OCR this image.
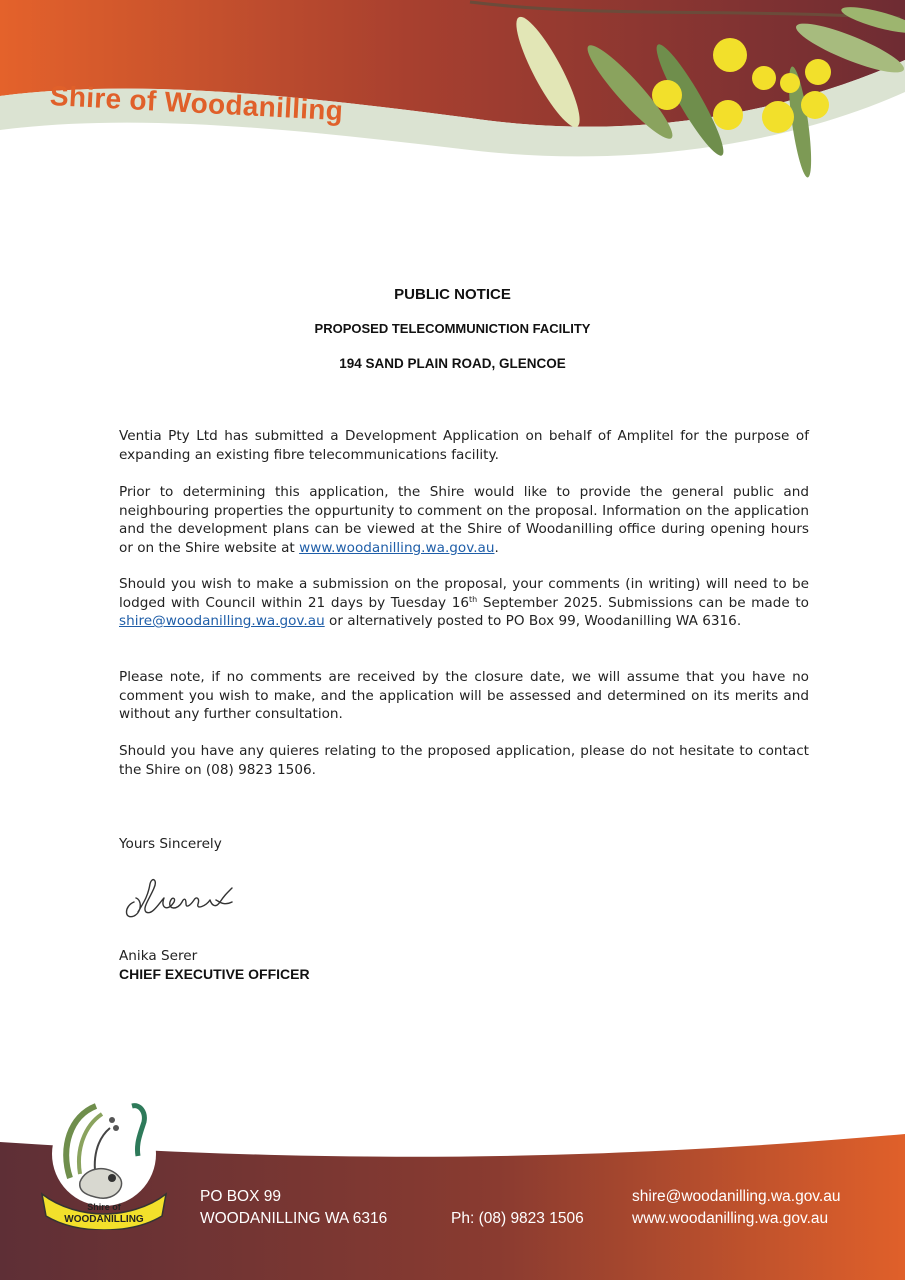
Shire of Woodanilling
PUBLIC NOTICE
PROPOSED TELECOMMUNICTION FACILITY
194 SAND PLAIN ROAD, GLENCOE

Ventia Pty Ltd has submitted a Development Application on behalf of Amplitel for the purpose of expanding an existing fibre telecommunications facility.

Prior to determining this application, the Shire would like to provide the general public and neighbouring properties the oppurtunity to comment on the proposal. Information on the application and the development plans can be viewed at the Shire of Woodanilling office during opening hours or on the Shire website at www.woodanilling.wa.gov.au.

Should you wish to make a submission on the proposal, your comments (in writing) will need to be lodged with Council within 21 days by Tuesday 16th September 2025. Submissions can be made to shire@woodanilling.wa.gov.au or alternatively posted to PO Box 99, Woodanilling WA 6316.

Please note, if no comments are received by the closure date, we will assume that you have no comment you wish to make, and the application will be assessed and determined on its merits and without any further consultation.

Should you have any quieres relating to the proposed application, please do not hesitate to contact the Shire on (08) 9823 1506.

Yours Sincerely

Anika Serer

CHIEF EXECUTIVE OFFICER

Shire of
WOODANILLING

PO BOX 99

WOODANILLING WA 6316	Ph: (08) 9823 1506

shire@woodanilling.wa.gov.au

www.woodanilling.wa.gov.au
